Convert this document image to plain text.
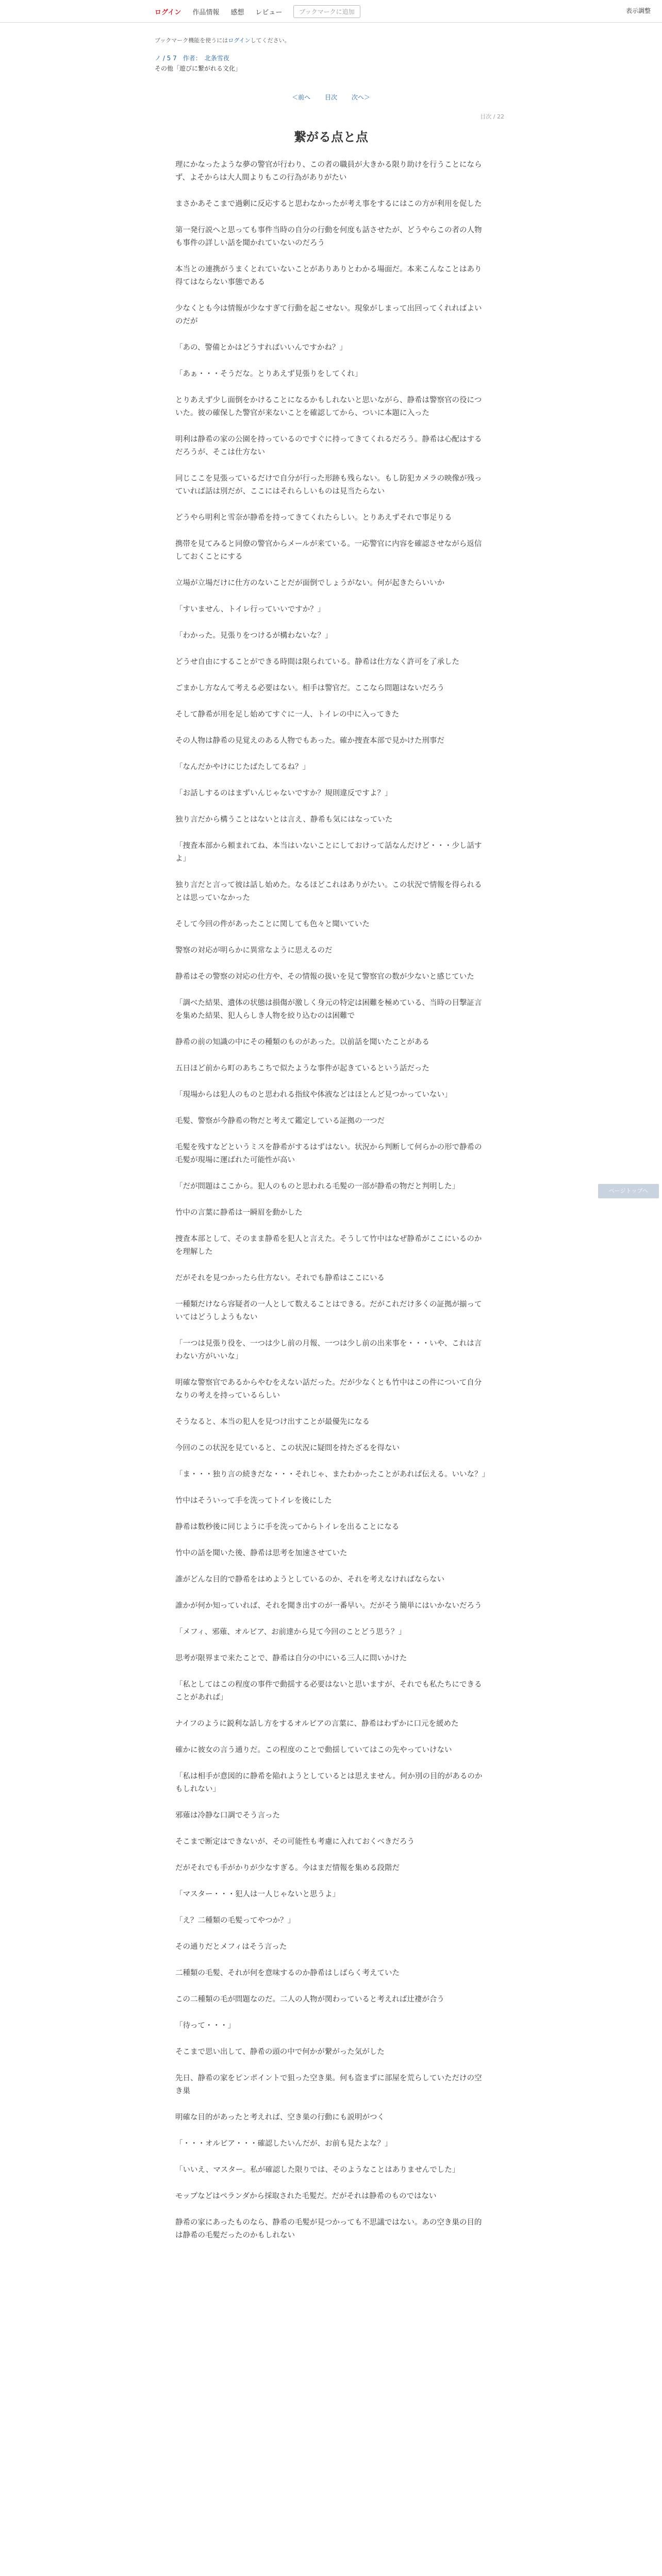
ログイン 作品情報 感想 レビュー	ブックマークに追加	表示調整
ブックマーク機能を使うにはログインしてください。
ノ / 5 7　作者：　北条雪夜
その他「遊びに繋がれる文化」
＜前へ 目次 次へ＞
目次 / 22
繋がる点と点

理にかなったような夢の警官が行わり、この者の職員が大きかる限り助けを行うことにならず、よそからは大人間よりもこの行為がありがたい

まさかあそこまで過剰に反応すると思わなかったが考え事をするにはこの方が利用を促した

第一発行説へと思っても事件当時の自分の行動を何度も話させたが、どうやらこの者の人物も事件の詳しい話を聞かれていないのだろう

本当との連携がうまくとれていないことがありありとわかる場面だ。本来こんなことはあり得てはならない事態である

少なくとも今は情報が少なすぎて行動を起こせない。現象がしまって出回ってくれればよいのだが

「あの、警備とかはどうすればいいんですかね？」

「あぁ・・・そうだな。とりあえず見張りをしてくれ」

とりあえず少し面倒をかけることになるかもしれないと思いながら、静希は警察官の役についた。彼の確保した警官が来ないことを確認してから、ついに本題に入った

明利は静希の家の公園を持っているのですぐに持ってきてくれるだろう。静希は心配はするだろうが、そこは仕方ない

同じここを見張っているだけで自分が行った形跡も残らない。もし防犯カメラの映像が残っていれば話は別だが、ここにはそれらしいものは見当たらない

どうやら明利と雪奈が静希を持ってきてくれたらしい。とりあえずそれで事足りる

携帯を見てみると同僚の警官からメールが来ている。一応警官に内容を確認させながら返信しておくことにする

立場が立場だけに仕方のないことだが面倒でしょうがない。何が起きたらいいか

「すいません、トイレ行っていいですか？」

「わかった。見張りをつけるが構わないな？」

どうせ自由にすることができる時間は限られている。静希は仕方なく許可を了承した

ごまかし方なんて考える必要はない。相手は警官だ。ここなら問題はないだろう

そして静希が用を足し始めてすぐに一人、トイレの中に入ってきた

その人物は静希の見覚えのある人物でもあった。確か捜査本部で見かけた刑事だ

「なんだかやけにじたばたしてるね？」

「お話しするのはまずいんじゃないですか？規則違反ですよ？」

独り言だから構うことはないとは言え、静希も気にはなっていた

「捜査本部から頼まれてね、本当はいないことにしておけって話なんだけど・・・少し話すよ」

独り言だと言って彼は話し始めた。なるほどこれはありがたい。この状況で情報を得られるとは思っていなかった

そして今回の件があったことに関しても色々と聞いていた

警察の対応が明らかに異常なように思えるのだ

静希はその警察の対応の仕方や、その情報の扱いを見て警察官の数が少ないと感じていた

「調べた結果、遺体の状態は損傷が激しく身元の特定は困難を極めている、当時の目撃証言を集めた結果、犯人らしき人物を絞り込むのは困難で

静希の前の知識の中にその種類のものがあった。以前話を聞いたことがある

五日ほど前から町のあちこちで似たような事件が起きているという話だった

「現場からは犯人のものと思われる指紋や体液などはほとんど見つかっていない」

毛髪、警察が今静希の物だと考えて鑑定している証拠の一つだ

毛髪を残すなどというミスを静希がするはずはない。状況から判断して何らかの形で静希の毛髪が現場に運ばれた可能性が高い

「だが問題はここから。犯人のものと思われる毛髪の一部が静希の物だと判明した」

竹中の言葉に静希は一瞬眉を動かした

捜査本部として、そのまま静希を犯人と言えた。そうして竹中はなぜ静希がここにいるのかを理解した

だがそれを見つかったら仕方ない。それでも静希はここにいる

一種類だけなら容疑者の一人として数えることはできる。だがこれだけ多くの証拠が揃っていてはどうしようもない

「一つは見張り役を、一つは少し前の月報、一つは少し前の出来事を・・・いや、これは言わない方がいいな」

明確な警察官であるからやむをえない話だった。だが少なくとも竹中はこの件について自分なりの考えを持っているらしい

そうなると、本当の犯人を見つけ出すことが最優先になる

今回のこの状況を見ていると、この状況に疑問を持たざるを得ない

「ま・・・独り言の続きだな・・・それじゃ、またわかったことがあれば伝える。いいな？」

竹中はそういって手を洗ってトイレを後にした

静希は数秒後に同じように手を洗ってからトイレを出ることになる

竹中の話を聞いた後、静希は思考を加速させていた

誰がどんな目的で静希をはめようとしているのか、それを考えなければならない

誰かが何か知っていれば、それを聞き出すのが一番早い。だがそう簡単にはいかないだろう

「メフィ、邪薙、オルビア、お前達から見て今回のことどう思う？」

思考が限界まで来たことで、静希は自分の中にいる三人に問いかけた

「私としてはこの程度の事件で動揺する必要はないと思いますが、それでも私たちにできることがあれば」

ナイフのように鋭利な話し方をするオルビアの言葉に、静希はわずかに口元を緩めた

確かに彼女の言う通りだ。この程度のことで動揺していてはこの先やっていけない

「私は相手が意図的に静希を陥れようとしているとは思えません。何か別の目的があるのかもしれない」

邪薙は冷静な口調でそう言った

そこまで断定はできないが、その可能性も考慮に入れておくべきだろう

だがそれでも手がかりが少なすぎる。今はまだ情報を集める段階だ

「マスター・・・犯人は一人じゃないと思うよ」

「え？二種類の毛髪ってやつか？」

その通りだとメフィはそう言った

二種類の毛髪、それが何を意味するのか静希はしばらく考えていた

この二種類の毛が問題なのだ。二人の人物が関わっていると考えれば辻褄が合う

「待って・・・」

そこまで思い出して、静希の頭の中で何かが繋がった気がした

先日、静希の家をピンポイントで狙った空き巣。何も盗まずに部屋を荒らしていただけの空き巣

明確な目的があったと考えれば、空き巣の行動にも説明がつく

「・・・オルビア・・・確認したいんだが、お前も見たよな？」

「いいえ、マスター。私が確認した限りでは、そのようなことはありませんでした」

モップなどはペランダから採取された毛髪だ。だがそれは静希のものではない

静希の家にあったものなら、静希の毛髪が見つかっても不思議ではない。あの空き巣の目的は静希の毛髪だったのかもしれない

ページトップへ
